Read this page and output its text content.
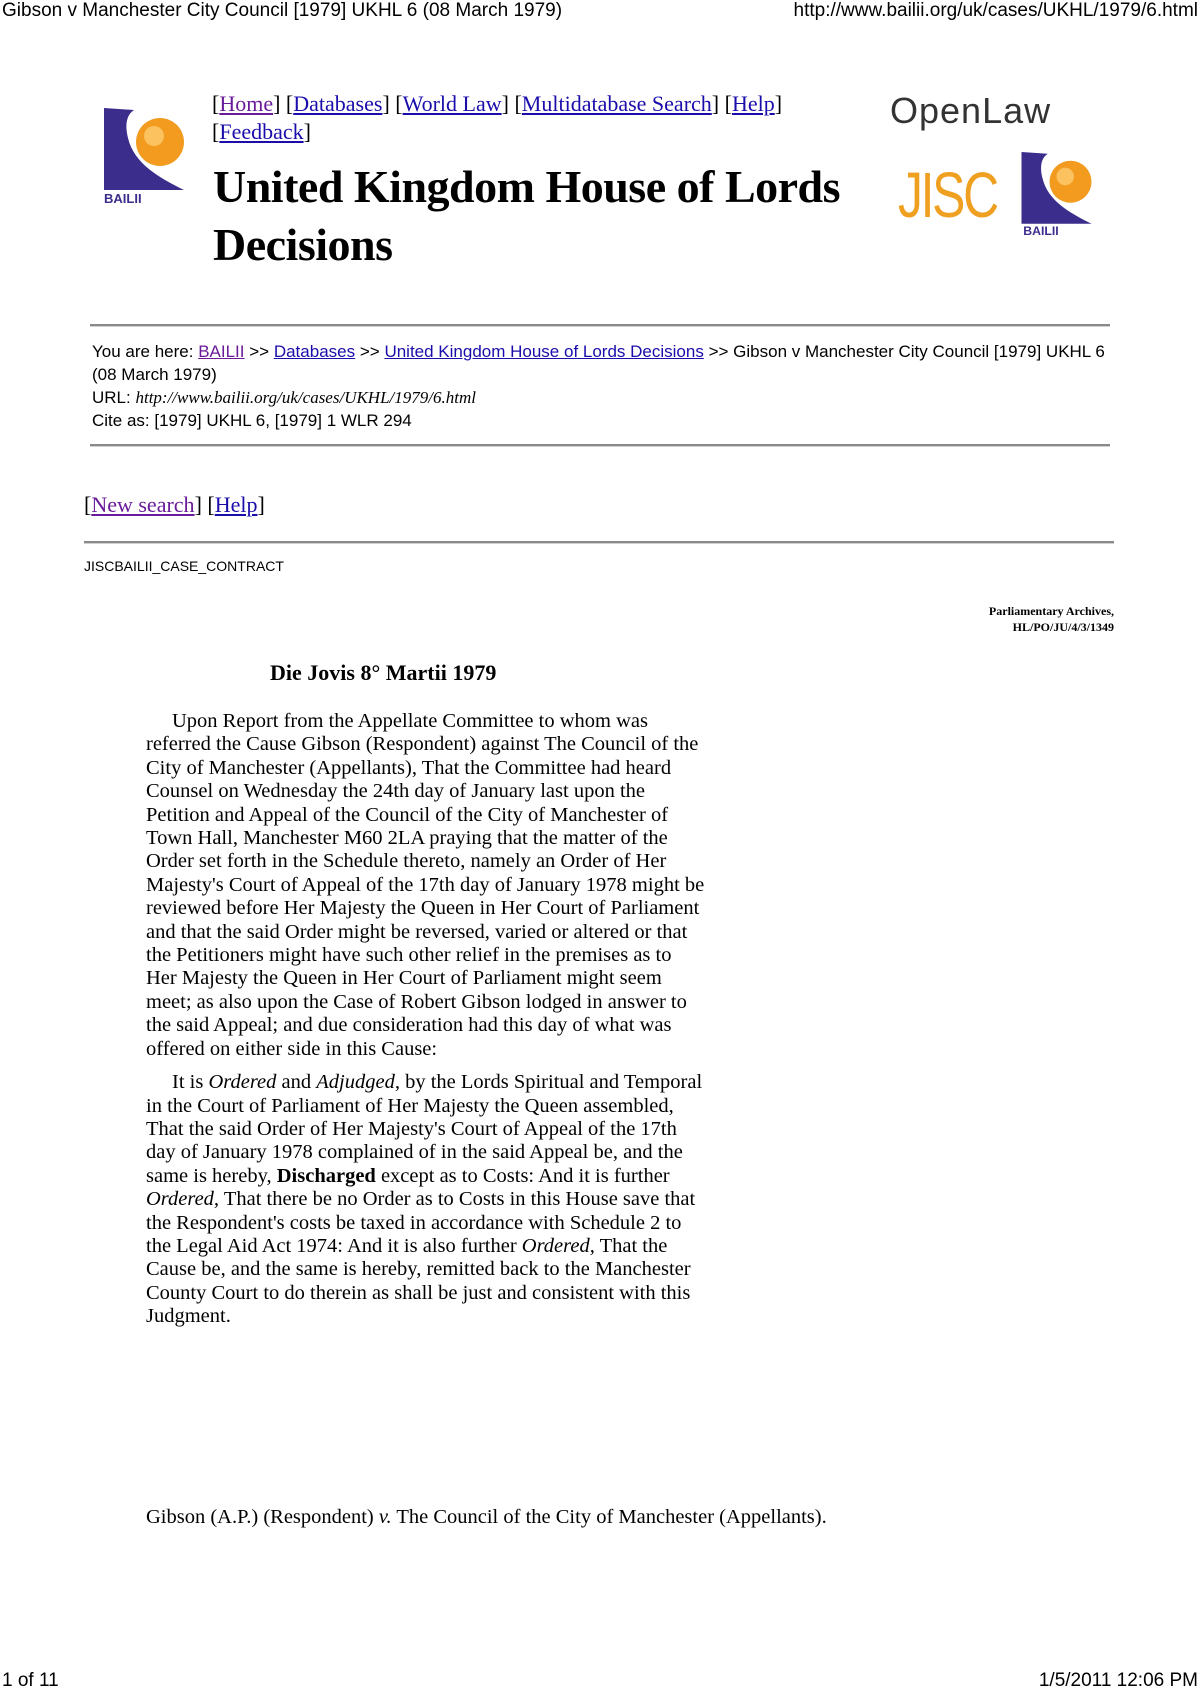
Gibson v Manchester City Council [1979] UKHL 6 (08 March 1979)	http://www.bailii.org/uk/cases/UKHL/1979/6.html
BAILII
[Home] [Databases] [World Law] [Multidatabase Search] [Help] [Feedback]
United Kingdom House of Lords Decisions
OpenLaw
JISC
BAILII
You are here: BAILII >> Databases >> United Kingdom House of Lords Decisions >> Gibson v Manchester City Council [1979] UKHL 6 (08 March 1979)
URL: http://www.bailii.org/uk/cases/UKHL/1979/6.html
Cite as: [1979] UKHL 6, [1979] 1 WLR 294
[New search] [Help]
JISCBAILII_CASE_CONTRACT
Parliamentary Archives,
HL/PO/JU/4/3/1349
Die Jovis 8° Martii 1979

Upon Report from the Appellate Committee to whom was referred the Cause Gibson (Respondent) against The Council of the City of Manchester (Appellants), That the Committee had heard Counsel on Wednesday the 24th day of January last upon the Petition and Appeal of the Council of the City of Manchester of Town Hall, Manchester M60 2LA praying that the matter of the Order set forth in the Schedule thereto, namely an Order of Her Majesty's Court of Appeal of the 17th day of January 1978 might be reviewed before Her Majesty the Queen in Her Court of Parliament and that the said Order might be reversed, varied or altered or that the Petitioners might have such other relief in the premises as to Her Majesty the Queen in Her Court of Parliament might seem meet; as also upon the Case of Robert Gibson lodged in answer to the said Appeal; and due consideration had this day of what was offered on either side in this Cause:

It is Ordered and Adjudged, by the Lords Spiritual and Temporal in the Court of Parliament of Her Majesty the Queen assembled, That the said Order of Her Majesty's Court of Appeal of the 17th day of January 1978 complained of in the said Appeal be, and the same is hereby, Discharged except as to Costs: And it is further Ordered, That there be no Order as to Costs in this House save that the Respondent's costs be taxed in accordance with Schedule 2 to the Legal Aid Act 1974: And it is also further Ordered, That the Cause be, and the same is hereby, remitted back to the Manchester County Court to do therein as shall be just and consistent with this Judgment.

Gibson (A.P.) (Respondent) v. The Council of the City of Manchester (Appellants).
1 of 11	1/5/2011 12:06 PM
